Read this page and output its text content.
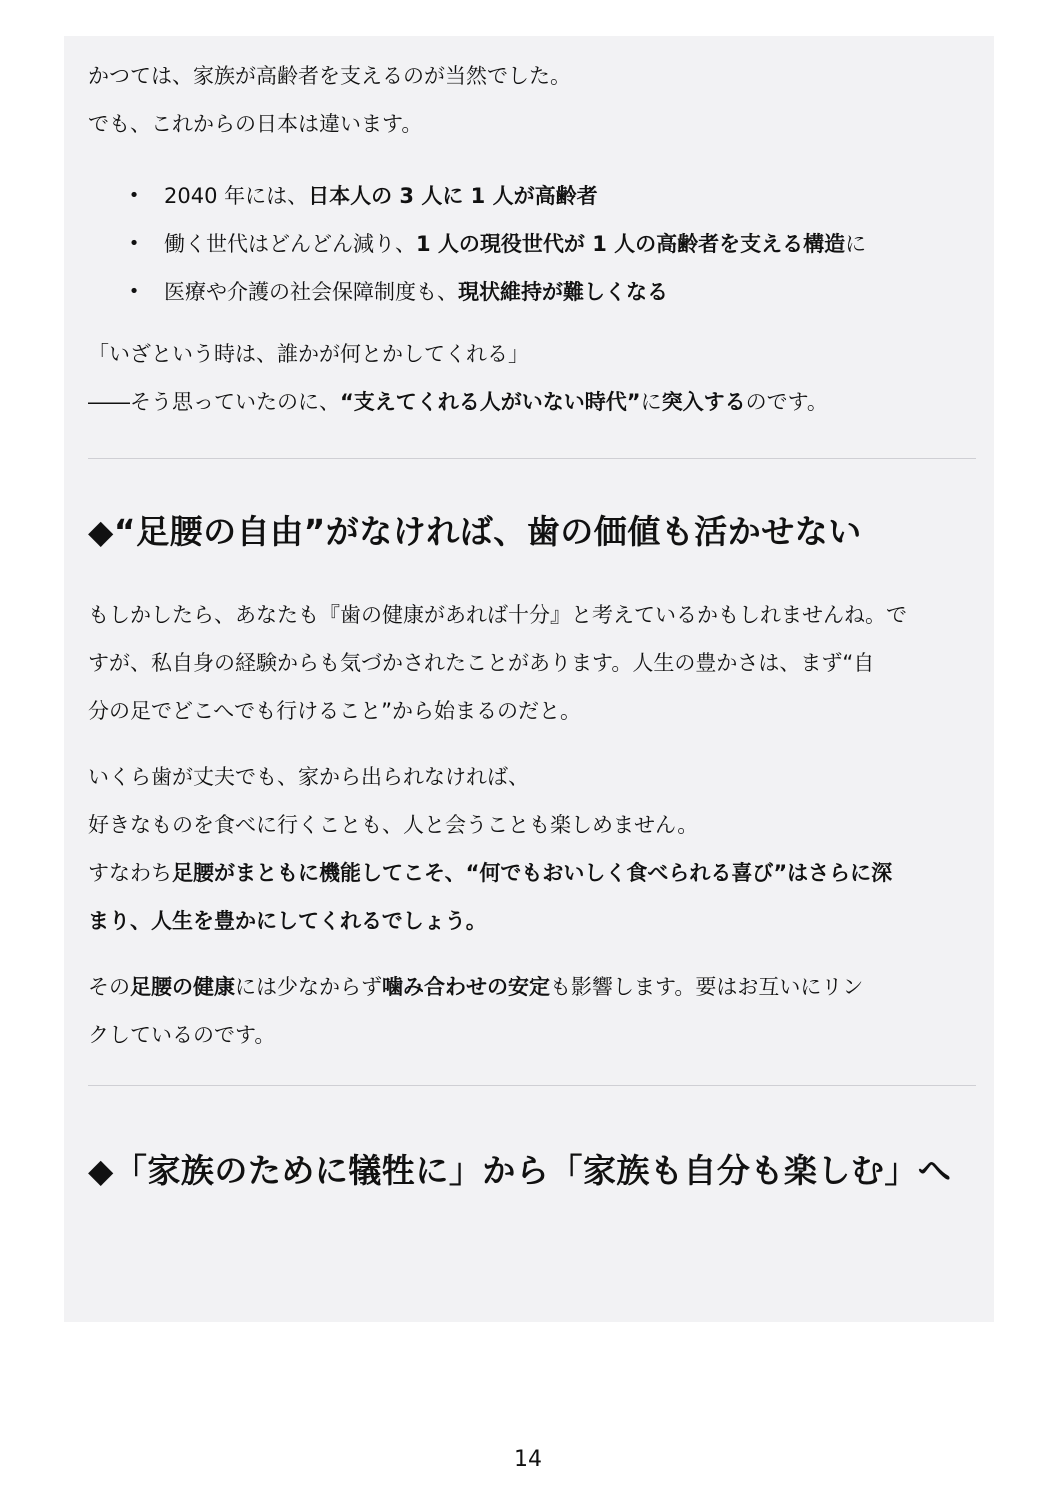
かつては、家族が高齢者を支えるのが当然でした。

でも、これからの日本は違います。

• 2040 年には、日本人の 3 人に 1 人が高齢者
• 働く世代はどんどん減り、1 人の現役世代が 1 人の高齢者を支える構造に
• 医療や介護の社会保障制度も、現状維持が難しくなる

「いざという時は、誰かが何とかしてくれる」

――そう思っていたのに、“支えてくれる人がいない時代”に突入するのです。

◆“足腰の自由”がなければ、歯の価値も活かせない

もしかしたら、あなたも『歯の健康があれば十分』と考えているかもしれませんね。で

すが、私自身の経験からも気づかされたことがあります。人生の豊かさは、まず“自

分の足でどこへでも行けること”から始まるのだと。

いくら歯が丈夫でも、家から出られなければ、

好きなものを食べに行くことも、人と会うことも楽しめません。

すなわち足腰がまともに機能してこそ、“何でもおいしく食べられる喜び”はさらに深

まり、人生を豊かにしてくれるでしょう。

その足腰の健康には少なからず噛み合わせの安定も影響します。要はお互いにリン

クしているのです。

◆「家族のために犠牲に」から「家族も自分も楽しむ」へ
14
